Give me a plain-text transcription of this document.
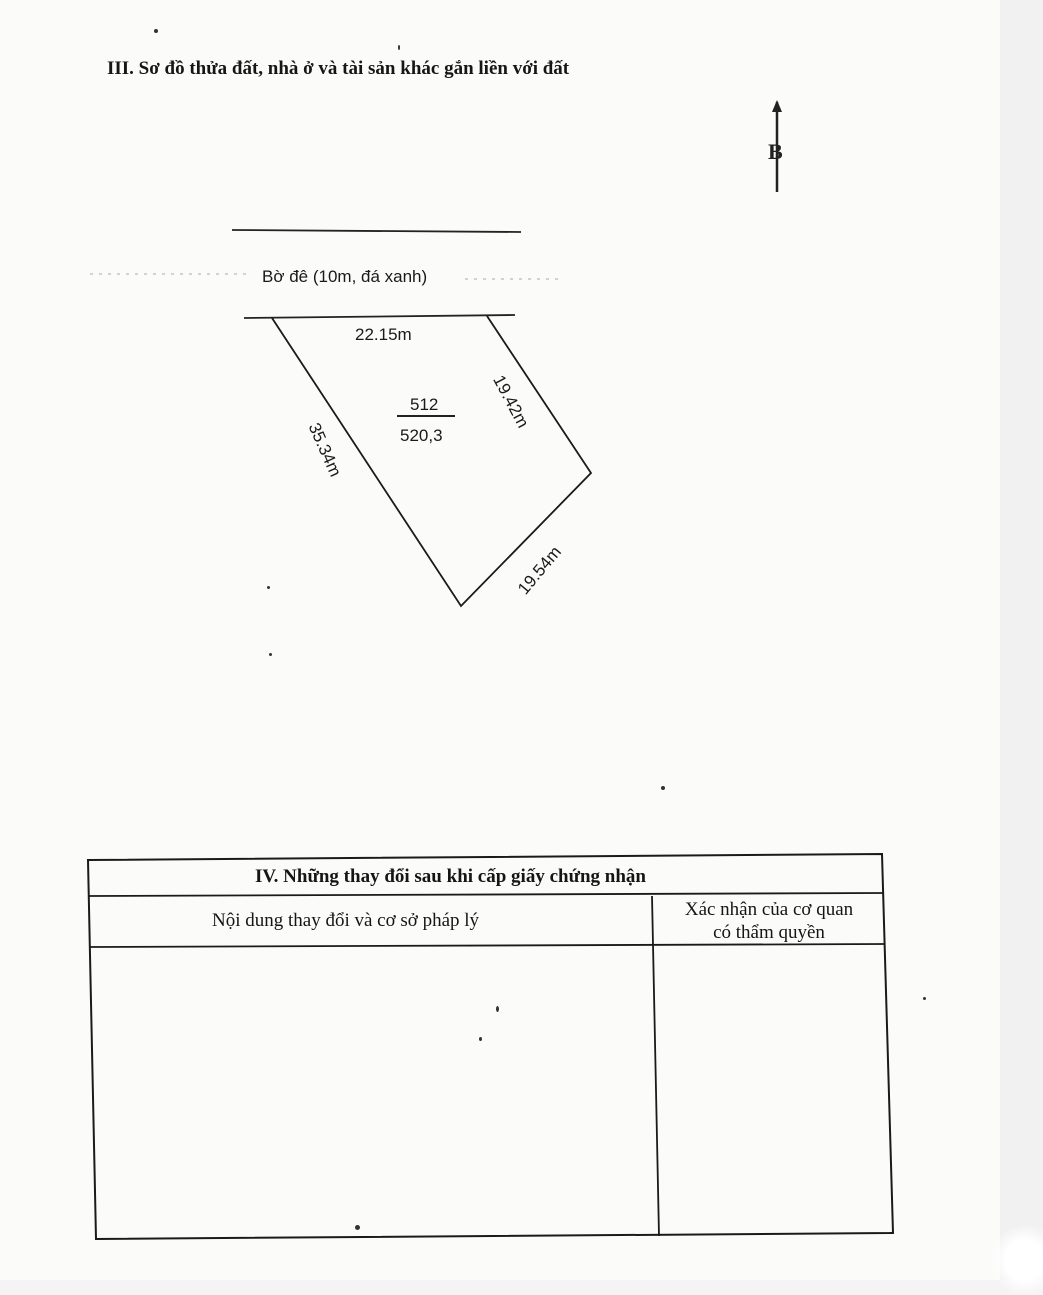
III. Sơ đồ thửa đất, nhà ở và tài sản khác gắn liền với đất
B
Bờ đê (10m, đá xanh)
22.15m
19.42m
35.34m
19.54m
512
520,3
IV. Những thay đổi sau khi cấp giấy chứng nhận
Nội dung thay đổi và cơ sở pháp lý
Xác nhận của cơ quan
có thẩm quyền
